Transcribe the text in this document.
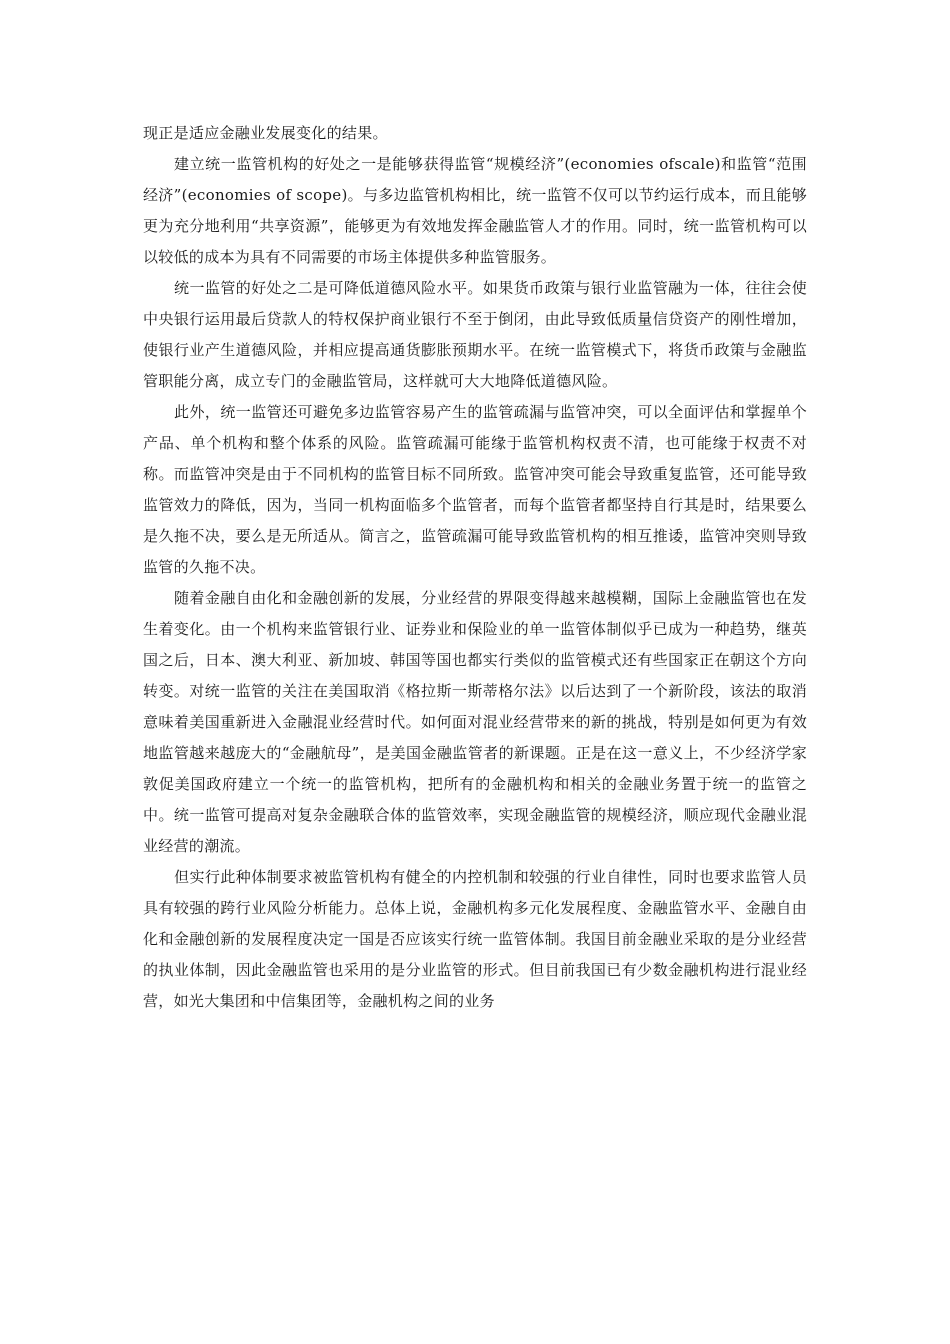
现正是适应金融业发展变化的结果。

建立统一监管机构的好处之一是能够获得监管“规模经济”(economies ofscale)和监管“范围经济”(economies of scope)。与多边监管机构相比，统一监管不仅可以节约运行成本，而且能够更为充分地利用“共享资源”，能够更为有效地发挥金融监管人才的作用。同时，统一监管机构可以以较低的成本为具有不同需要的市场主体提供多种监管服务。

统一监管的好处之二是可降低道德风险水平。如果货币政策与银行业监管融为一体，往往会使中央银行运用最后贷款人的特权保护商业银行不至于倒闭，由此导致低质量信贷资产的刚性增加，使银行业产生道德风险，并相应提高通货膨胀预期水平。在统一监管模式下，将货币政策与金融监管职能分离，成立专门的金融监管局，这样就可大大地降低道德风险。

此外，统一监管还可避免多边监管容易产生的监管疏漏与监管冲突，可以全面评估和掌握单个产品、单个机构和整个体系的风险。监管疏漏可能缘于监管机构权责不清，也可能缘于权责不对称。而监管冲突是由于不同机构的监管目标不同所致。监管冲突可能会导致重复监管，还可能导致监管效力的降低，因为，当同一机构面临多个监管者，而每个监管者都坚持自行其是时，结果要么是久拖不决，要么是无所适从。简言之，监管疏漏可能导致监管机构的相互推诿，监管冲突则导致监管的久拖不决。

随着金融自由化和金融创新的发展，分业经营的界限变得越来越模糊，国际上金融监管也在发生着变化。由一个机构来监管银行业、证券业和保险业的单一监管体制似乎已成为一种趋势，继英国之后，日本、澳大利亚、新加坡、韩国等国也都实行类似的监管模式还有些国家正在朝这个方向转变。对统一监管的关注在美国取消《格拉斯一斯蒂格尔法》以后达到了一个新阶段，该法的取消意味着美国重新进入金融混业经营时代。如何面对混业经营带来的新的挑战，特别是如何更为有效地监管越来越庞大的“金融航母”，是美国金融监管者的新课题。正是在这一意义上，不少经济学家敦促美国政府建立一个统一的监管机构，把所有的金融机构和相关的金融业务置于统一的监管之中。统一监管可提高对复杂金融联合体的监管效率，实现金融监管的规模经济，顺应现代金融业混业经营的潮流。

但实行此种体制要求被监管机构有健全的内控机制和较强的行业自律性，同时也要求监管人员具有较强的跨行业风险分析能力。总体上说，金融机构多元化发展程度、金融监管水平、金融自由化和金融创新的发展程度决定一国是否应该实行统一监管体制。我国目前金融业采取的是分业经营的执业体制，因此金融监管也采用的是分业监管的形式。但目前我国已有少数金融机构进行混业经营，如光大集团和中信集团等，金融机构之间的业务
